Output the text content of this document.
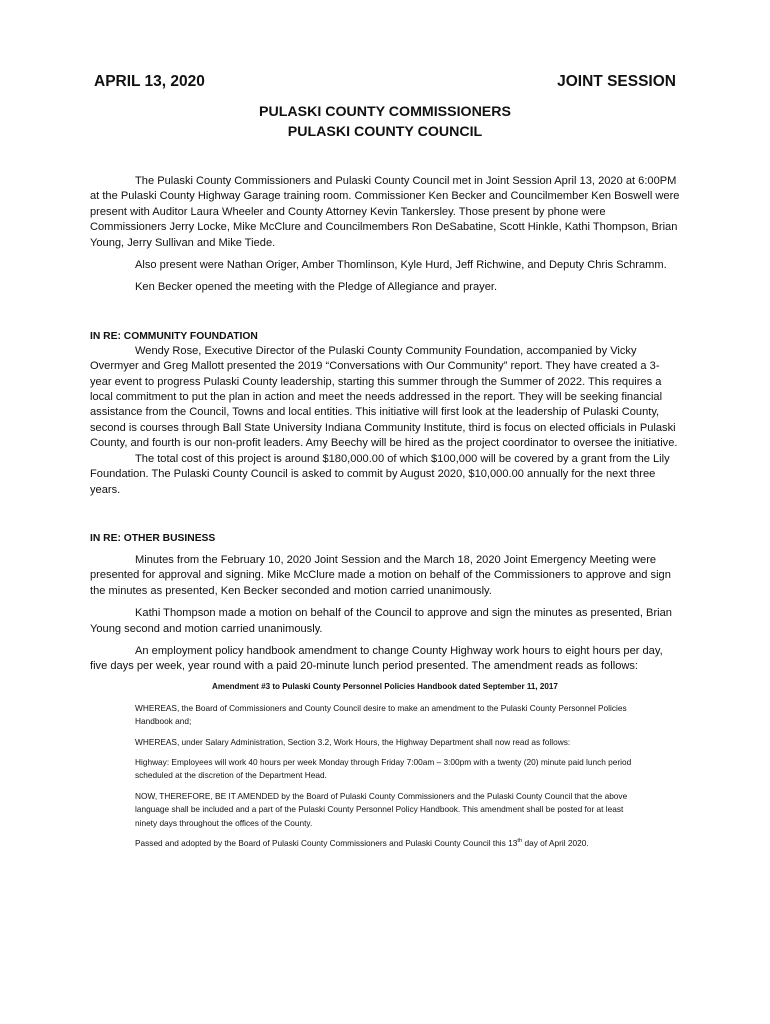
APRIL 13, 2020	JOINT SESSION
PULASKI COUNTY COMMISSIONERS
PULASKI COUNTY COUNCIL

The Pulaski County Commissioners and Pulaski County Council met in Joint Session April 13, 2020 at 6:00PM at the Pulaski County Highway Garage training room. Commissioner Ken Becker and Councilmember Ken Boswell were present with Auditor Laura Wheeler and County Attorney Kevin Tankersley. Those present by phone were Commissioners Jerry Locke, Mike McClure and Councilmembers Ron DeSabatine, Scott Hinkle, Kathi Thompson, Brian Young, Jerry Sullivan and Mike Tiede.

Also present were Nathan Origer, Amber Thomlinson, Kyle Hurd, Jeff Richwine, and Deputy Chris Schramm.

Ken Becker opened the meeting with the Pledge of Allegiance and prayer.

IN RE: COMMUNITY FOUNDATION

Wendy Rose, Executive Director of the Pulaski County Community Foundation, accompanied by Vicky Overmyer and Greg Mallott presented the 2019 “Conversations with Our Community” report. They have created a 3-year event to progress Pulaski County leadership, starting this summer through the Summer of 2022. This requires a local commitment to put the plan in action and meet the needs addressed in the report. They will be seeking financial assistance from the Council, Towns and local entities. This initiative will first look at the leadership of Pulaski County, second is courses through Ball State University Indiana Community Institute, third is focus on elected officials in Pulaski County, and fourth is our non-profit leaders. Amy Beechy will be hired as the project coordinator to oversee the initiative.

The total cost of this project is around $180,000.00 of which $100,000 will be covered by a grant from the Lily Foundation. The Pulaski County Council is asked to commit by August 2020, $10,000.00 annually for the next three years.

IN RE: OTHER BUSINESS

Minutes from the February 10, 2020 Joint Session and the March 18, 2020 Joint Emergency Meeting were presented for approval and signing. Mike McClure made a motion on behalf of the Commissioners to approve and sign the minutes as presented, Ken Becker seconded and motion carried unanimously.

Kathi Thompson made a motion on behalf of the Council to approve and sign the minutes as presented, Brian Young second and motion carried unanimously.

An employment policy handbook amendment to change County Highway work hours to eight hours per day, five days per week, year round with a paid 20-minute lunch period presented. The amendment reads as follows:

Amendment #3 to Pulaski County Personnel Policies Handbook dated September 11, 2017

WHEREAS, the Board of Commissioners and County Council desire to make an amendment to the Pulaski County Personnel Policies Handbook and;

WHEREAS, under Salary Administration, Section 3.2, Work Hours, the Highway Department shall now read as follows:

Highway: Employees will work 40 hours per week Monday through Friday 7:00am – 3:00pm with a twenty (20) minute paid lunch period scheduled at the discretion of the Department Head.

NOW, THEREFORE, BE IT AMENDED by the Board of Pulaski County Commissioners and the Pulaski County Council that the above language shall be included and a part of the Pulaski County Personnel Policy Handbook. This amendment shall be posted for at least ninety days throughout the offices of the County.

Passed and adopted by the Board of Pulaski County Commissioners and Pulaski County Council this 13th day of April 2020.
